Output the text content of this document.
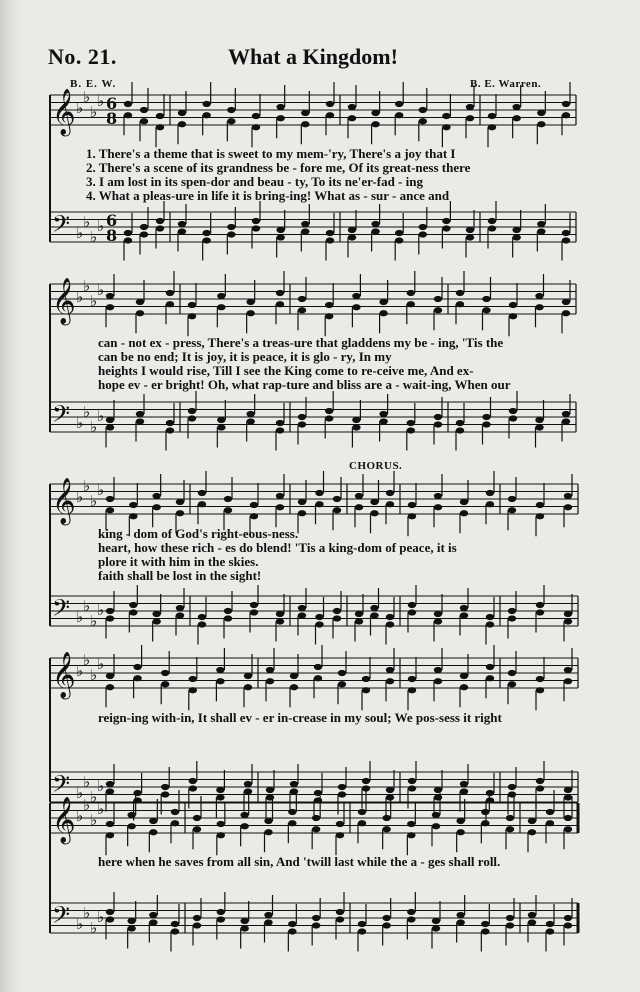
No. 21.	What a Kingdom!
B. E. W.	B. E. Warren.
𝄞 ♭
♭
♭
♭ 6
8
𝄢 ♭
♭
♭
♭ 6
8
𝄞 ♭
♭
♭
♭
𝄢 ♭
♭
♭
♭
𝄞 ♭
♭
♭
♭
𝄢 ♭
♭
♭
♭
𝄞 ♭
♭
♭
♭
𝄢 ♭
♭
♭
♭
𝄞 ♭
♭
♭
♭
𝄢 ♭
♭
♭
♭
1. There's a theme that is sweet to my mem-'ry, There's a joy that I
2. There's a scene of its grandness be - fore me, Of its great-ness there
3. I am lost in its spen-dor and beau - ty, To its ne'er-fad - ing
4. What a pleas-ure in life it is bring-ing! What as - sur - ance and
can - not ex - press, There's a treas-ure that gladdens my be - ing, 'Tis the
can be no end; It is joy, it is peace, it is glo - ry, In my
heights I would rise, Till I see the King come to re-ceive me, And ex-
hope ev - er bright! Oh, what rap-ture and bliss are a - wait-ing, When our
CHORUS.
king - dom of God's right-eous-ness.
heart, how these rich - es do blend! 'Tis a king-dom of peace, it is
plore it with him in the skies.
faith shall be lost in the sight!
reign-ing with-in, It shall ev - er in-crease in my soul; We pos-sess it right
here when he saves from all sin, And 'twill last while the a - ges shall roll.
